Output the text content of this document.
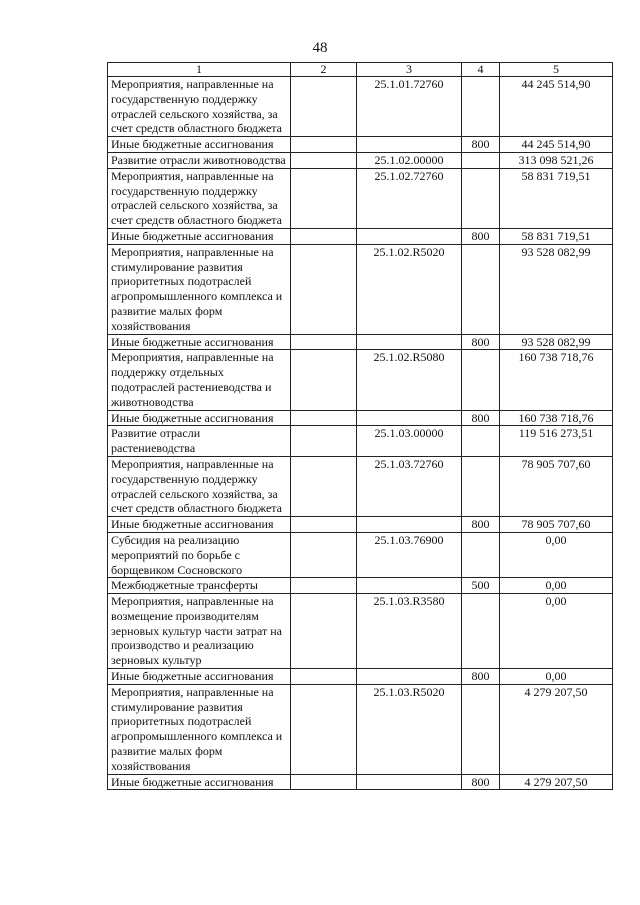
48
1	2	3	4	5
Мероприятия, направленные на государственную поддержку отраслей сельского хозяйства, за счет средств областного бюджета		25.1.01.72760		44 245 514,90
Иные бюджетные ассигнования			800	44 245 514,90
Развитие отрасли животноводства		25.1.02.00000		313 098 521,26
Мероприятия, направленные на государственную поддержку отраслей сельского хозяйства, за счет средств областного бюджета		25.1.02.72760		58 831 719,51
Иные бюджетные ассигнования			800	58 831 719,51
Мероприятия, направленные на стимулирование развития приоритетных подотраслей агропромышленного комплекса и развитие малых форм хозяйствования		25.1.02.R5020		93 528 082,99
Иные бюджетные ассигнования			800	93 528 082,99
Мероприятия, направленные на поддержку отдельных подотраслей растениеводства и животноводства		25.1.02.R5080		160 738 718,76
Иные бюджетные ассигнования			800	160 738 718,76
Развитие отрасли растениеводства		25.1.03.00000		119 516 273,51
Мероприятия, направленные на государственную поддержку отраслей сельского хозяйства, за счет средств областного бюджета		25.1.03.72760		78 905 707,60
Иные бюджетные ассигнования			800	78 905 707,60
Субсидия на реализацию мероприятий по борьбе с борщевиком Сосновского		25.1.03.76900		0,00
Межбюджетные трансферты			500	0,00
Мероприятия, направленные на возмещение производителям зерновых культур части затрат на производство и реализацию зерновых культур		25.1.03.R3580		0,00
Иные бюджетные ассигнования			800	0,00
Мероприятия, направленные на стимулирование развития приоритетных подотраслей агропромышленного комплекса и развитие малых форм хозяйствования		25.1.03.R5020		4 279 207,50
Иные бюджетные ассигнования			800	4 279 207,50
